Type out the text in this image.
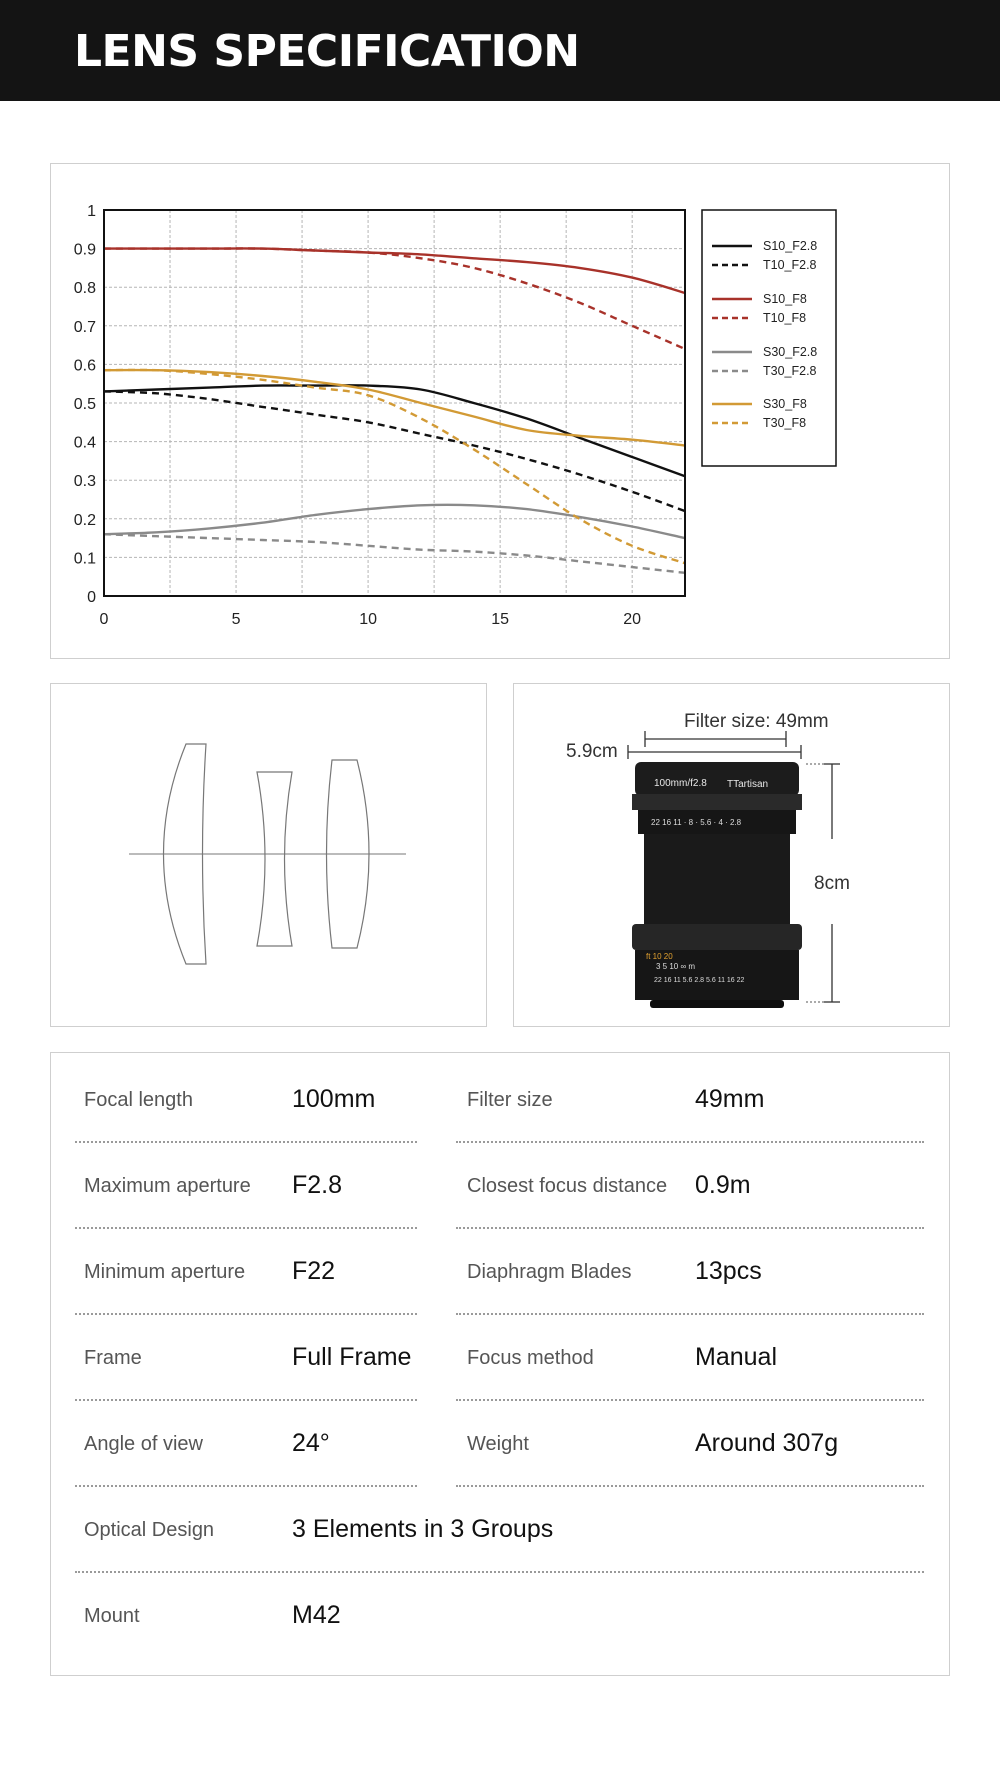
LENS SPECIFICATION
0
0.1
0.2
0.3
0.4
0.5
0.6
0.7
0.8
0.9
1
0	5	10	15	20
S10_F2.8
T10_F2.8
S10_F8
T10_F8
S30_F2.8
T30_F2.8
S30_F8
T30_F8
Filter size: 49mm
5.9cm
8cm
100mm/f2.8 TTartisan
22 16 11 · 8 · 5.6 · 4 · 2.8
ft 10 20
3 5 10 ∞ m
22 16 11 5.6 2.8 5.6 11 16 22
Focal length	100mm	Filter size	49mm
Maximum aperture F2.8	Closest focus distance 0.9m
Minimum aperture F22	Diaphragm Blades	13pcs
Frame	Full Frame	Focus method	Manual
Angle of view	24°	Weight	Around 307g
Optical Design	3 Elements in 3 Groups
Mount	M42
